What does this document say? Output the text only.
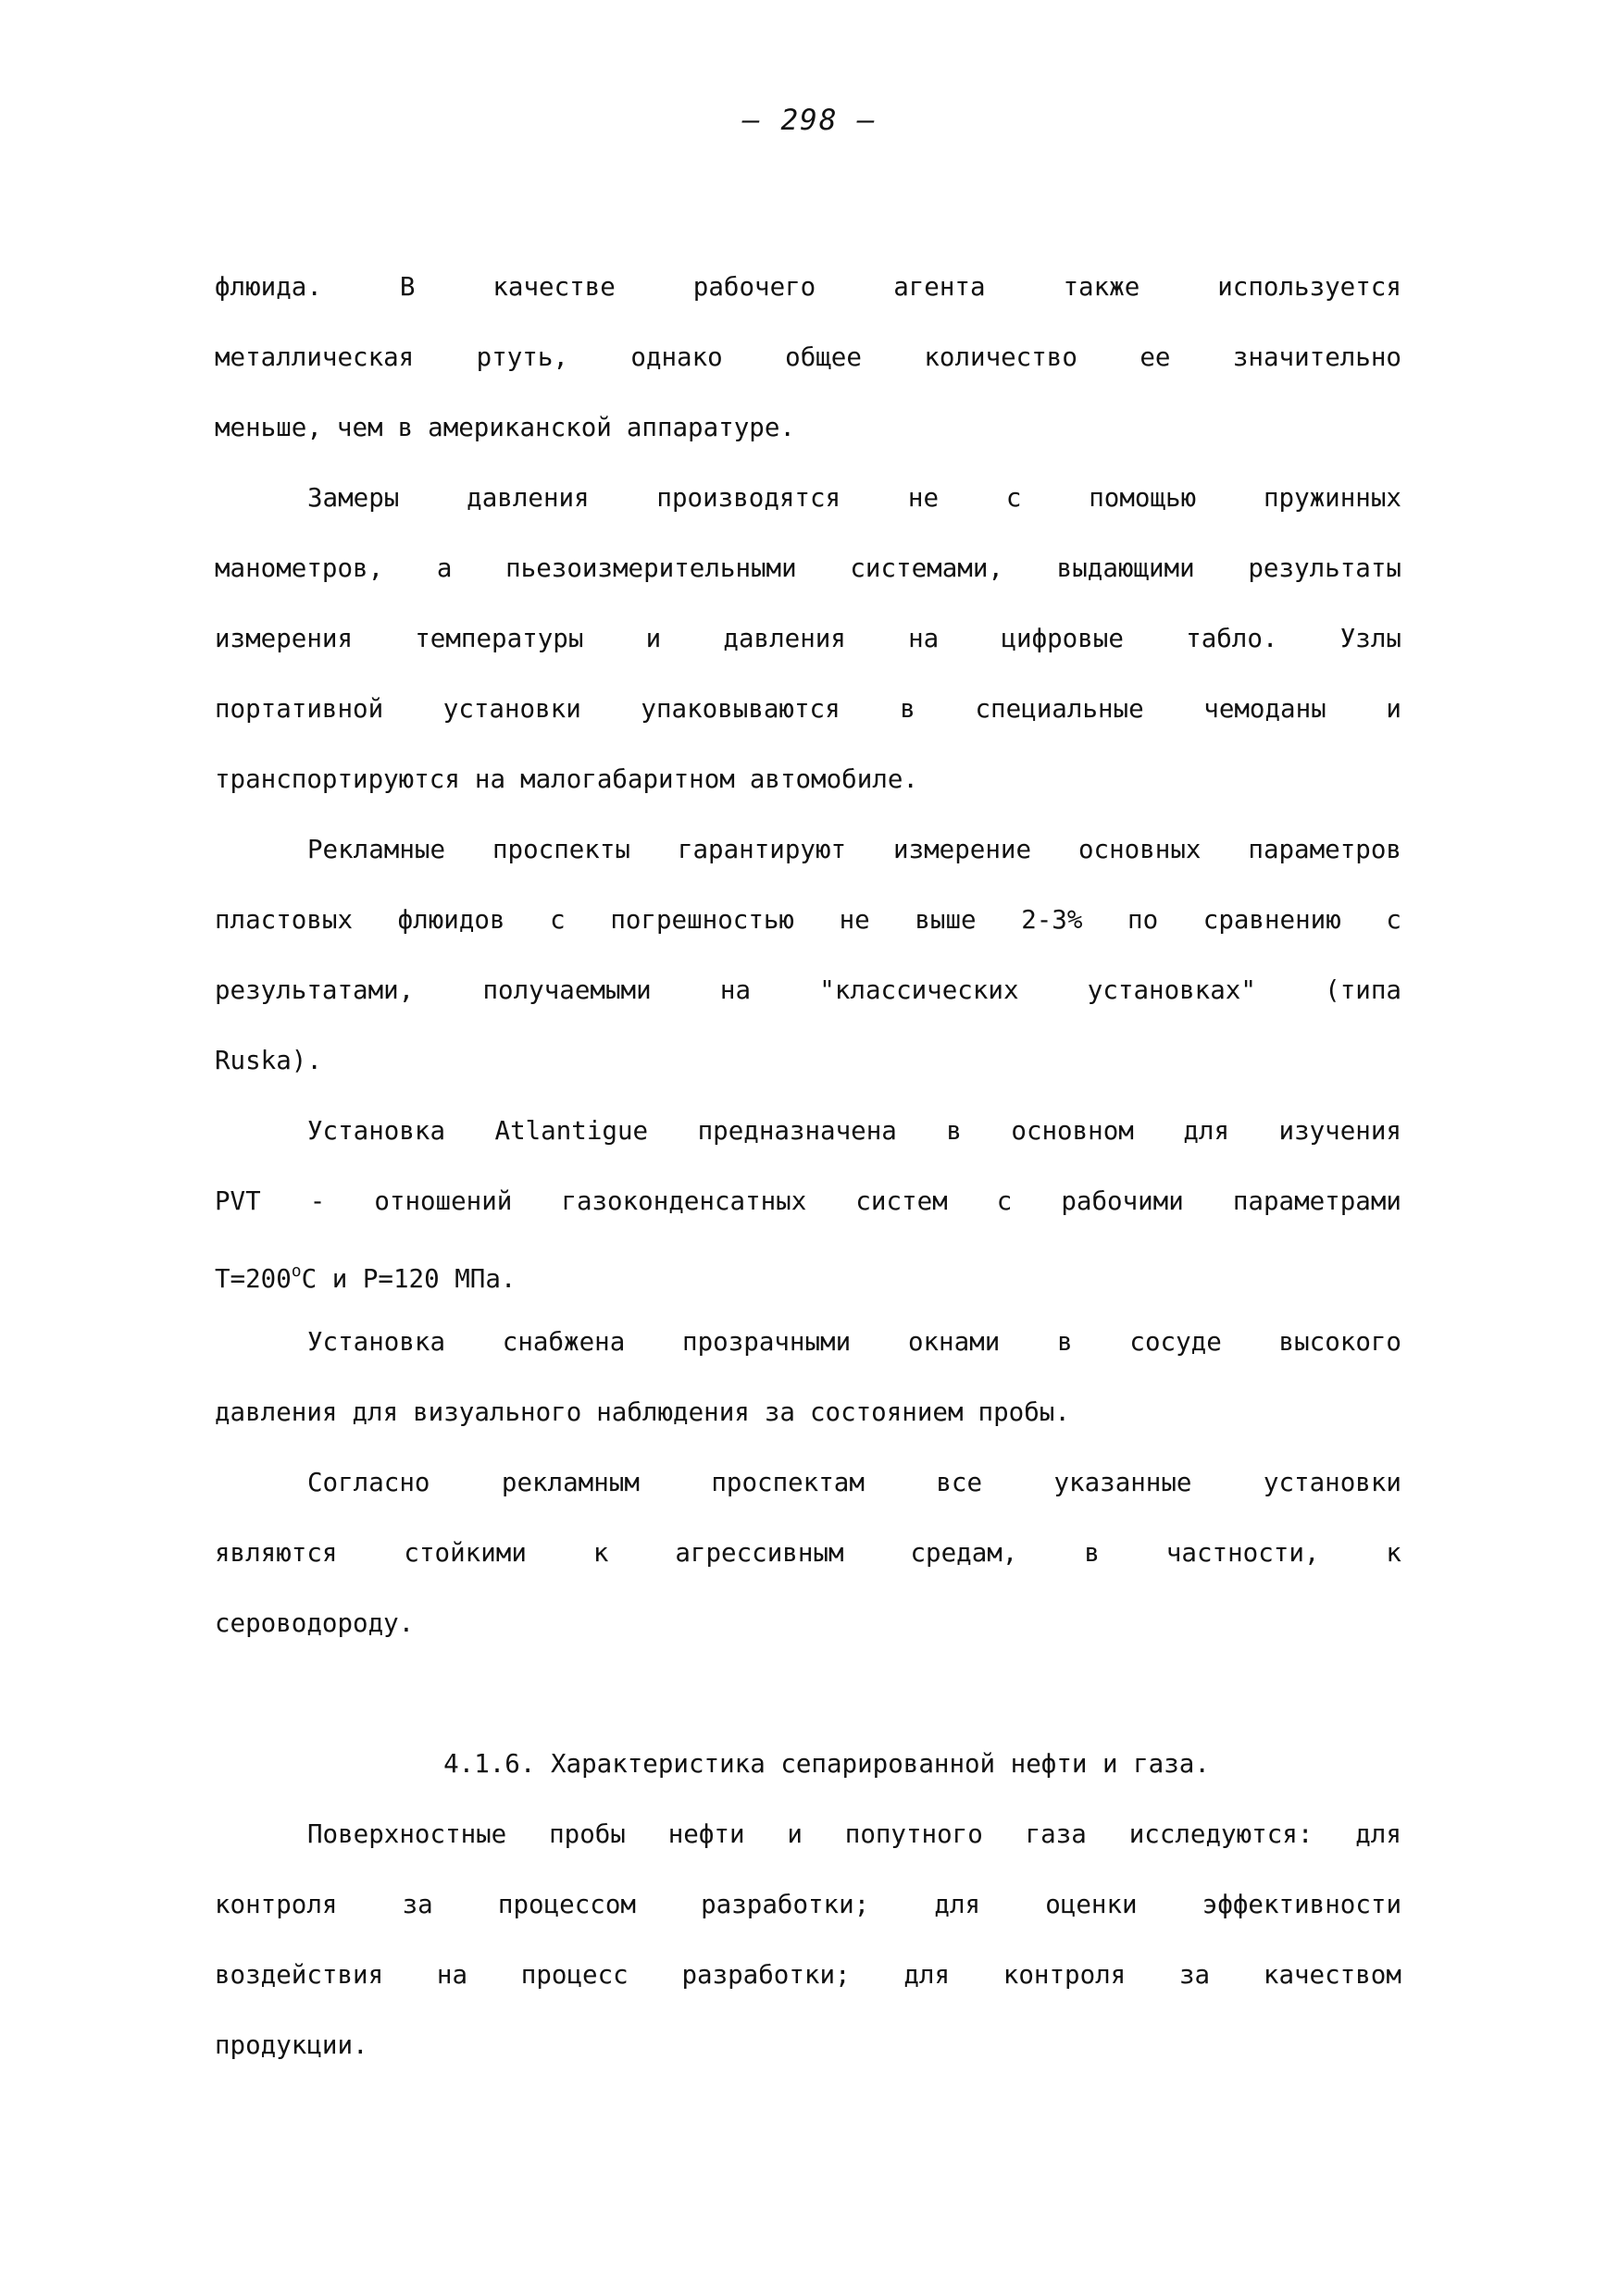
– 298 –
флюида.	В	качестве	рабочего	агента	также	используется
металлическая ртуть, однако общее количество ее значительно
меньше, чем в американской аппаратуре.
Замеры	давления	производятся	не	с	помощью	пружинных
манометров, а пьезоизмерительными системами, выдающими результаты
измерения температуры и давления на цифровые табло. Узлы
портативной установки упаковываются в специальные чемоданы и
транспортируются на малогабаритном автомобиле.
Рекламные проспекты гарантируют измерение основных параметров
пластовых флюидов с погрешностью не выше 2-3% по сравнению с
результатами,	получаемыми	на	"классических	установках"	(типа
Ruska).
Установка Atlantigue предназначена в основном для изучения
PVT - отношений газоконденсатных систем с рабочими параметрами
$Т=200^оС$ и Р=120 МПа.
Установка снабжена прозрачными окнами в сосуде высокого
давления для визуального наблюдения за состоянием пробы.
Согласно	рекламным	проспектам	все	указанные	установки
являются	стойкими	к	агрессивным	средам,	в	частности,	к
сероводороду.
4.1.6. Характеристика сепарированной нефти и газа.
Поверхностные пробы нефти и попутного газа исследуются: для
контроля	за	процессом	разработки;	для	оценки	эффективности
воздействия на процесс разработки; для контроля за качеством
продукции.
